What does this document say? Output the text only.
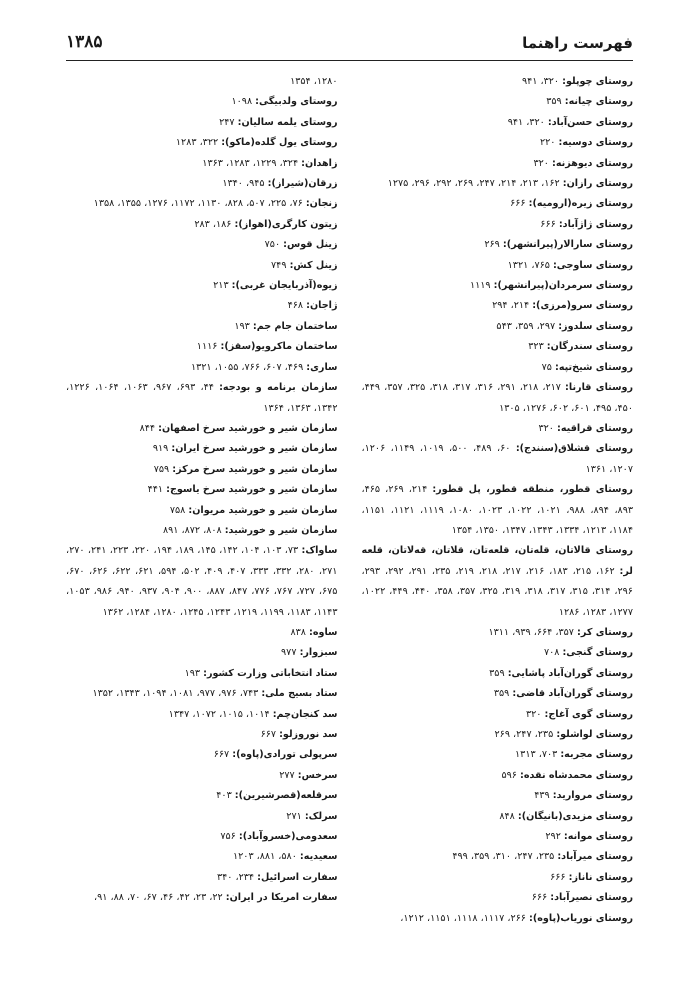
فهرست راهنما
۱۳۸۵
روستای چوپلو: ۳۲۰، ۹۴۱
روستای چیانه: ۳۵۹
روستای حسن‌آباد: ۳۲۰، ۹۴۱
روستای دوسیه: ۲۲۰
روستای دیوهزنه: ۳۲۰
روستای رازان: ۱۶۲، ۲۱۳، ۲۱۴، ۲۴۷، ۲۶۹، ۲۹۲، ۲۹۶، ۱۲۷۵
روستای زیره(ارومیه): ۶۶۶
روستای ژاژآباد: ۶۶۶
روستای سارالار(پیرانشهر): ۲۶۹
روستای ساوجی: ۷۶۵، ۱۳۲۱
روستای سرمردان(پیرانشهر): ۱۱۱۹
روستای سرو(مرزی): ۲۱۴، ۲۹۴
روستای سلدوز: ۲۹۷، ۳۵۹، ۵۴۳
روستای سندرگان: ۳۲۳
روستای شیخ‌تپه: ۷۵
روستای قارنا: ۲۱۷، ۲۱۸، ۲۹۱، ۳۱۶، ۳۱۷، ۳۱۸، ۳۲۵، ۳۵۷، ۴۴۹، ۴۵۰، ۴۹۵، ۶۰۱، ۶۰۲، ۱۲۷۶، ۱۳۰۵
روستای قراقیه: ۳۲۰
روستای قشلاق(سنندج): ۶۰، ۴۸۹، ۵۰۰، ۱۰۱۹، ۱۱۴۹، ۱۲۰۶، ۱۲۰۷، ۱۳۶۱
روستای قطور، منطقه قطور، پل قطور: ۲۱۴، ۲۶۹، ۴۶۵، ۸۹۳، ۸۹۴، ۹۸۸، ۱۰۲۱، ۱۰۲۲، ۱۰۲۳، ۱۰۸۰، ۱۱۱۹، ۱۱۲۱، ۱۱۵۱، ۱۱۸۴، ۱۲۱۳، ۱۳۳۴، ۱۳۴۳، ۱۳۴۷، ۱۳۵۰، ۱۳۵۴
روستای قالاتان، قله‌تان، قلعه‌تان، قلاتان، قه‌لاتان، قلعه لر: ۱۶۲، ۲۱۵، ۱۸۳، ۲۱۶، ۲۱۷، ۲۱۸، ۲۱۹، ۲۳۵، ۲۹۱، ۲۹۲، ۲۹۳، ۲۹۶، ۳۱۴، ۳۱۵، ۳۱۷، ۳۱۸، ۳۱۹، ۳۲۵، ۳۵۷، ۳۵۸، ۴۴۰، ۴۴۹، ۱۰۲۲، ۱۲۷۷، ۱۲۸۳، ۱۲۸۶
روستای کر: ۳۵۷، ۶۶۴، ۹۳۹، ۱۳۱۱
روستای گنجی: ۷۰۸
روستای گوران‌آباد پاشایی: ۳۵۹
روستای گوران‌آباد قاضی: ۳۵۹
روستای گوی آغاج: ۳۲۰
روستای لواشلو: ۲۳۵، ۲۴۷، ۲۶۹
روستای مجربه: ۷۰۳، ۱۳۱۳
روستای محمدشاه نقده: ۵۹۶
روستای مروارید: ۴۳۹
روستای مزیدی(بانیگان): ۸۴۸
روستای موانه: ۲۹۲
روستای میرآباد: ۲۳۵، ۲۴۷، ۳۱۰، ۳۵۹، ۴۹۹
روستای ناناز: ۶۶۶
روستای نصیرآباد: ۶۶۶
روستای نوریاب(پاوه): ۲۶۶، ۱۱۱۷، ۱۱۱۸، ۱۱۵۱، ۱۲۱۲،
۱۲۸۰، ۱۳۵۴
روستای ولدبیگی: ۱۰۹۸
روستای یلمه سالیان: ۲۴۷
روستای یول گلده(ماکو): ۳۲۲، ۱۲۸۳
زاهدان: ۳۲۴، ۱۲۲۹، ۱۲۸۳، ۱۳۶۳
زرقان(شیراز): ۹۴۵، ۱۳۴۰
زنجان: ۷۶، ۲۲۵، ۵۰۷، ۸۲۸، ۱۱۳۰، ۱۱۷۲، ۱۲۷۶، ۱۳۵۵، ۱۳۵۸
زیتون کارگری(اهواز): ۱۸۶، ۲۸۳
زینل قوس: ۷۵۰
زینل کش: ۷۴۹
زیوه(آذربایجان غربی): ۲۱۳
ژاجان: ۴۶۸
ساختمان جام جم: ۱۹۳
ساختمان ماکرویو(سقز): ۱۱۱۶
ساری: ۴۶۹، ۶۰۷، ۷۶۶، ۱۰۵۵، ۱۳۲۱
سازمان برنامه و بودجه: ۴۴، ۶۹۳، ۹۶۷، ۱۰۶۳، ۱۰۶۴، ۱۲۲۶، ۱۳۴۲، ۱۳۶۳، ۱۳۶۴
سازمان شیر و خورشید سرخ اصفهان: ۸۴۴
سازمان شیر و خورشید سرخ ایران: ۹۱۹
سازمان شیر و خورشید سرخ مرکز: ۷۵۹
سازمان شیر و خورشید سرخ یاسوج: ۴۴۱
سازمان شیر و خورشید مریوان: ۷۵۸
سازمان شیر و خورشید: ۸۰۸، ۸۷۲، ۸۹۱
ساواک: ۷۳، ۱۰۳، ۱۰۴، ۱۴۲، ۱۴۵، ۱۸۹، ۱۹۴، ۲۲۰، ۲۲۳، ۲۴۱، ۲۷۰، ۲۷۱، ۲۸۰، ۳۳۲، ۳۳۳، ۴۰۷، ۴۰۹، ۵۰۲، ۵۹۴، ۶۲۱، ۶۲۲، ۶۲۶، ۶۷۰، ۶۷۵، ۷۲۷، ۷۶۷، ۷۷۶، ۸۴۷، ۸۸۷، ۹۰۰، ۹۰۴، ۹۳۷، ۹۴۰، ۹۸۶، ۱۰۵۳، ۱۱۴۳، ۱۱۸۳، ۱۱۹۹، ۱۲۱۹، ۱۲۴۳، ۱۲۴۵، ۱۲۸۰، ۱۲۸۴، ۱۳۶۲
ساوه: ۸۳۸
سبزوار: ۹۷۷
ستاد انتخاباتی وزارت کشور: ۱۹۳
ستاد بسیج ملی: ۷۴۳، ۹۷۶، ۹۷۷، ۱۰۸۱، ۱۰۹۴، ۱۳۴۳، ۱۳۵۲
سد کنجان‌چم: ۱۰۱۴، ۱۰۱۵، ۱۰۷۲، ۱۳۴۷
سد نوروزلو: ۶۶۷
سرپولی تورادی(پاوه): ۶۶۷
سرخس: ۲۷۷
سرقلعه(قصرشیرین): ۴۰۳
سرلک: ۲۷۱
سعدومی(خسروآباد): ۷۵۶
سعیدیه: ۵۸۰، ۸۸۱، ۱۲۰۳
سفارت اسرائیل: ۲۳۴، ۳۴۰
سفارت امریکا در ایران: ۲۲، ۲۳، ۴۲، ۴۶، ۶۷، ۷۰، ۸۸، ۹۱،
